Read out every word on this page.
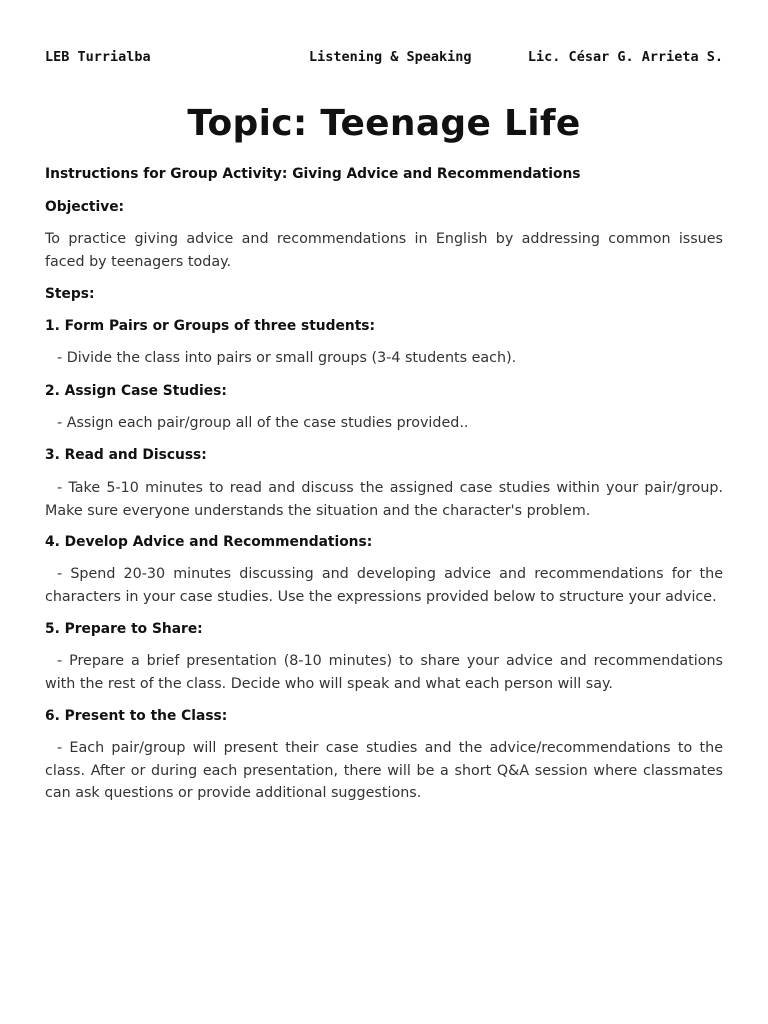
LEB Turrialba	Listening & Speaking	Lic. César G. Arrieta S.
Topic: Teenage Life

Instructions for Group Activity: Giving Advice and Recommendations

Objective:

To practice giving advice and recommendations in English by addressing common issues faced by teenagers today.

Steps:

1. Form Pairs or Groups of three students:

- Divide the class into pairs or small groups (3-4 students each).

2. Assign Case Studies:

- Assign each pair/group all of the case studies provided..

3. Read and Discuss:

- Take 5-10 minutes to read and discuss the assigned case studies within your pair/group. Make sure everyone understands the situation and the character's problem.

4. Develop Advice and Recommendations:

- Spend 20-30 minutes discussing and developing advice and recommendations for the characters in your case studies. Use the expressions provided below to structure your advice.

5. Prepare to Share:

- Prepare a brief presentation (8-10 minutes) to share your advice and recommendations with the rest of the class. Decide who will speak and what each person will say.

6. Present to the Class:

- Each pair/group will present their case studies and the advice/recommendations to the class. After or during each presentation, there will be a short Q&A session where classmates can ask questions or provide additional suggestions.
